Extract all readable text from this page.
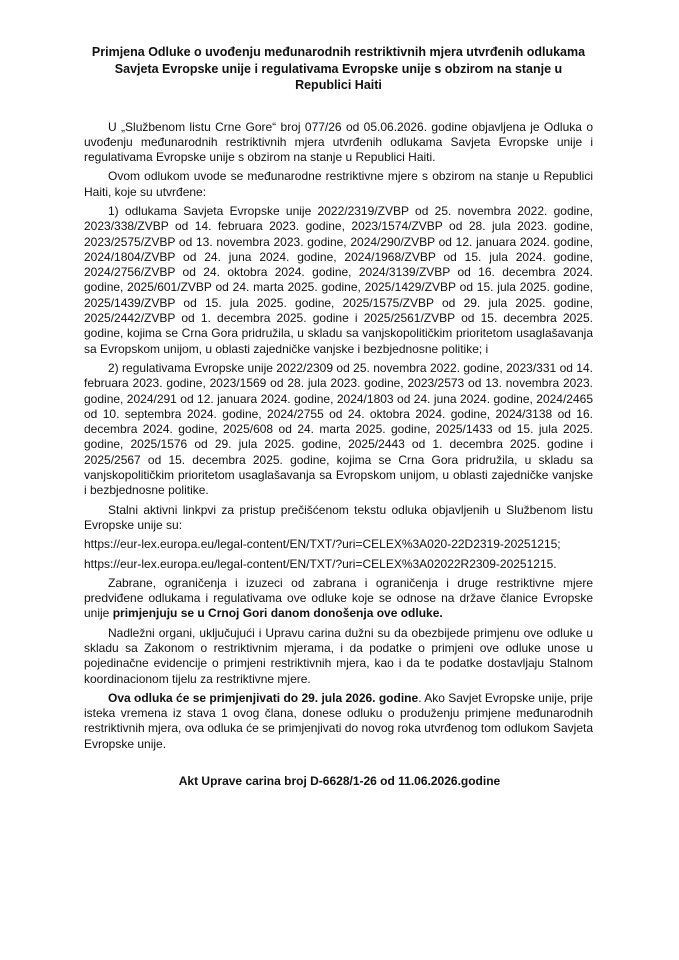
Primjena Odluke o uvođenju međunarodnih restriktivnih mjera utvrđenih odlukama Savjeta Evropske unije i regulativama Evropske unije s obzirom na stanje u Republici Haiti

U „Službenom listu Crne Gore“ broj 077/26 od 05.06.2026. godine objavljena je Odluka o uvođenju međunarodnih restriktivnih mjera utvrđenih odlukama Savjeta Evropske unije i regulativama Evropske unije s obzirom na stanje u Republici Haiti.

Ovom odlukom uvode se međunarodne restriktivne mjere s obzirom na stanje u Republici Haiti, koje su utvrđene:

1) odlukama Savjeta Evropske unije 2022/2319/ZVBP od 25. novembra 2022. godine, 2023/338/ZVBP od 14. februara 2023. godine, 2023/1574/ZVBP od 28. jula 2023. godine, 2023/2575/ZVBP od 13. novembra 2023. godine, 2024/290/ZVBP od 12. januara 2024. godine, 2024/1804/ZVBP od 24. juna 2024. godine, 2024/1968/ZVBP od 15. jula 2024. godine, 2024/2756/ZVBP od 24. oktobra 2024. godine, 2024/3139/ZVBP od 16. decembra 2024. godine, 2025/601/ZVBP od 24. marta 2025. godine, 2025/1429/ZVBP od 15. jula 2025. godine, 2025/1439/ZVBP od 15. jula 2025. godine, 2025/1575/ZVBP od 29. jula 2025. godine, 2025/2442/ZVBP od 1. decembra 2025. godine i 2025/2561/ZVBP od 15. decembra 2025. godine, kojima se Crna Gora pridružila, u skladu sa vanjskopolitičkim prioritetom usaglašavanja sa Evropskom unijom, u oblasti zajedničke vanjske i bezbjednosne politike; i

2) regulativama Evropske unije 2022/2309 od 25. novembra 2022. godine, 2023/331 od 14. februara 2023. godine, 2023/1569 od 28. jula 2023. godine, 2023/2573 od 13. novembra 2023. godine, 2024/291 od 12. januara 2024. godine, 2024/1803 od 24. juna 2024. godine, 2024/2465 od 10. septembra 2024. godine, 2024/2755 od 24. oktobra 2024. godine, 2024/3138 od 16. decembra 2024. godine, 2025/608 od 24. marta 2025. godine, 2025/1433 od 15. jula 2025. godine, 2025/1576 od 29. jula 2025. godine, 2025/2443 od 1. decembra 2025. godine i 2025/2567 od 15. decembra 2025. godine, kojima se Crna Gora pridružila, u skladu sa vanjskopolitičkim prioritetom usaglašavanja sa Evropskom unijom, u oblasti zajedničke vanjske i bezbjednosne politike.

Stalni aktivni linkpvi za pristup prečišćenom tekstu odluka objavljenih u Službenom listu Evropske unije su:

https://eur-lex.europa.eu/legal-content/EN/TXT/?uri=CELEX%3A020-22D2319-20251215;

https://eur-lex.europa.eu/legal-content/EN/TXT/?uri=CELEX%3A02022R2309-20251215.

Zabrane, ograničenja i izuzeci od zabrana i ograničenja i druge restriktivne mjere predviđene odlukama i regulativama ove odluke koje se odnose na države članice Evropske unije primjenjuju se u Crnoj Gori danom donošenja ove odluke.

Nadležni organi, uključujući i Upravu carina dužni su da obezbijede primjenu ove odluke u skladu sa Zakonom o restriktivnim mjerama, i da podatke o primjeni ove odluke unose u pojedinačne evidencije o primjeni restriktivnih mjera, kao i da te podatke dostavljaju Stalnom koordinacionom tijelu za restriktivne mjere.

Ova odluka će se primjenjivati do 29. jula 2026. godine. Ako Savjet Evropske unije, prije isteka vremena iz stava 1 ovog člana, donese odluku o produženju primjene međunarodnih restriktivnih mjera, ova odluka će se primjenjivati do novog roka utvrđenog tom odlukom Savjeta Evropske unije.

Akt Uprave carina broj D-6628/1-26 od 11.06.2026.godine
